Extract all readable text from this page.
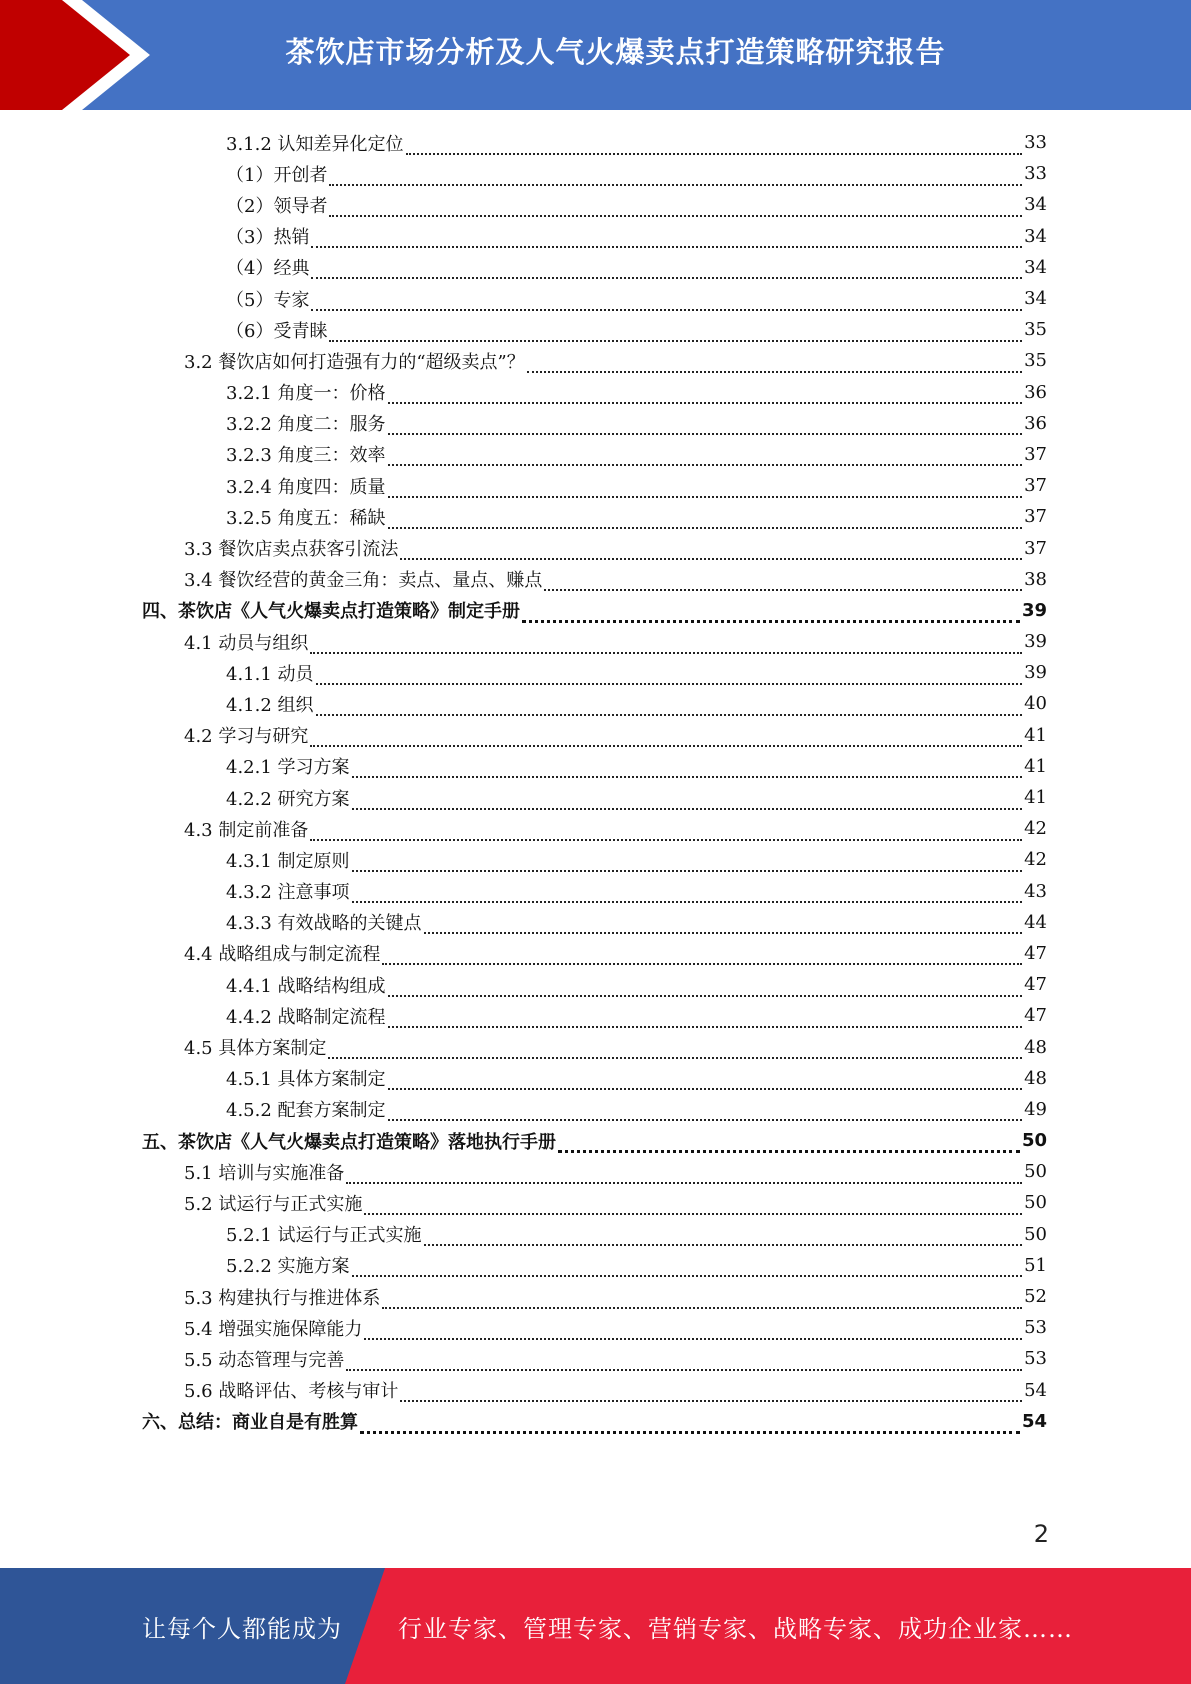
茶饮店市场分析及人气火爆卖点打造策略研究报告
3.1.2 认知差异化定位	33
（1）开创者	33
（2）领导者	34
（3）热销	34
（4）经典	34
（5）专家	34
（6）受青睐	35
3.2 餐饮店如何打造强有力的“超级卖点”？	35
3.2.1 角度一：价格	36
3.2.2 角度二：服务	36
3.2.3 角度三：效率	37
3.2.4 角度四：质量	37
3.2.5 角度五：稀缺	37
3.3 餐饮店卖点获客引流法	37
3.4 餐饮经营的黄金三角：卖点、量点、赚点	38
四、茶饮店《人气火爆卖点打造策略》制定手册	39
4.1 动员与组织	39
4.1.1 动员	39
4.1.2 组织	40
4.2 学习与研究	41
4.2.1 学习方案	41
4.2.2 研究方案	41
4.3 制定前准备	42
4.3.1 制定原则	42
4.3.2 注意事项	43
4.3.3 有效战略的关键点	44
4.4 战略组成与制定流程	47
4.4.1 战略结构组成	47
4.4.2 战略制定流程	47
4.5 具体方案制定	48
4.5.1 具体方案制定	48
4.5.2 配套方案制定	49
五、茶饮店《人气火爆卖点打造策略》落地执行手册	50
5.1 培训与实施准备	50
5.2 试运行与正式实施	50
5.2.1 试运行与正式实施	50
5.2.2 实施方案	51
5.3 构建执行与推进体系	52
5.4 增强实施保障能力	53
5.5 动态管理与完善	53
5.6 战略评估、考核与审计	54
六、总结：商业自是有胜算	54
2
让每个人都能成为 行业专家、管理专家、营销专家、战略专家、成功企业家……
